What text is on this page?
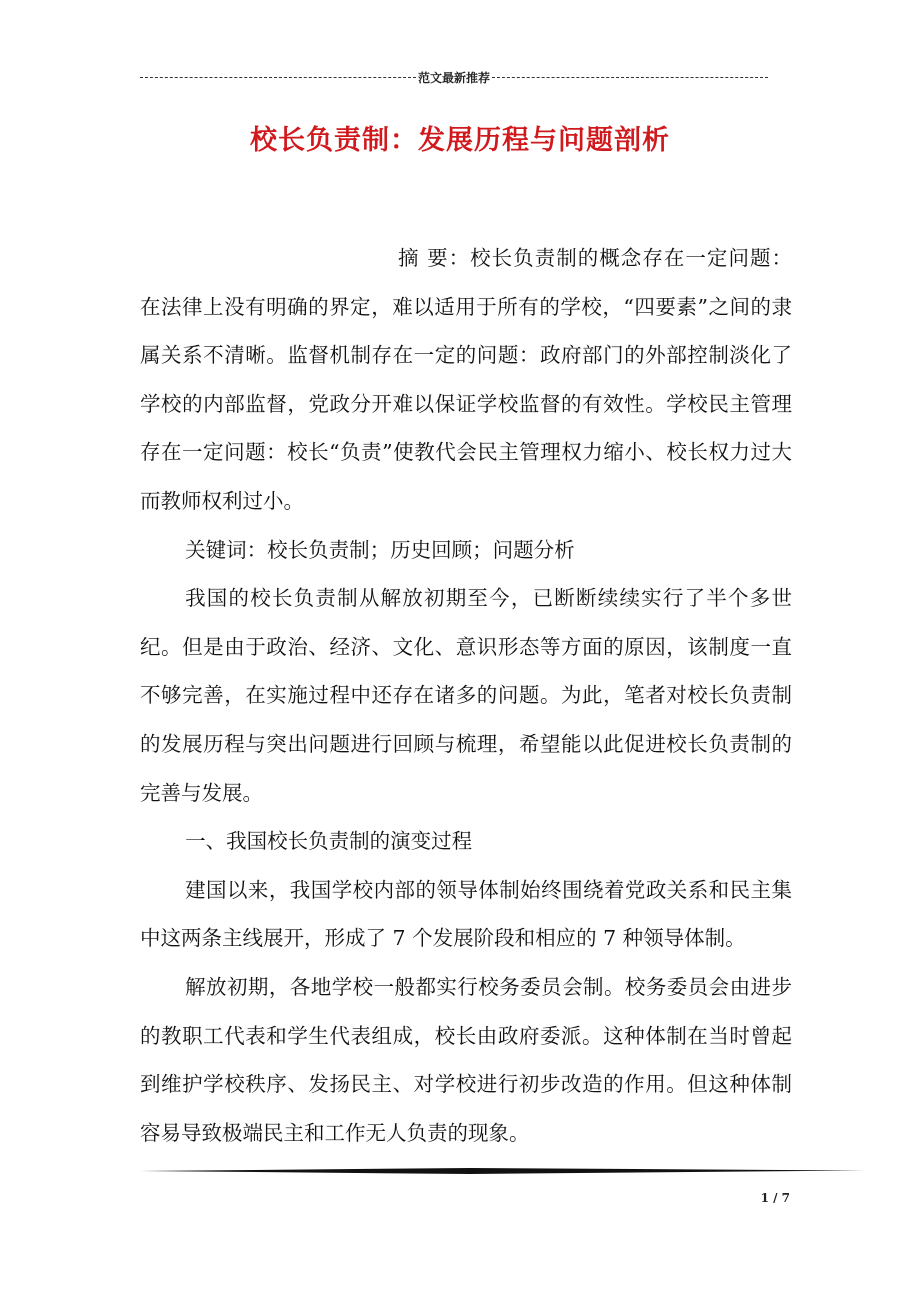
范文最新推荐
校长负责制：发展历程与问题剖析

摘 要：校长负责制的概念存在一定问题：在法律上没有明确的界定，难以适用于所有的学校，“四要素”之间的隶属关系不清晰。监督机制存在一定的问题：政府部门的外部控制淡化了学校的内部监督，党政分开难以保证学校监督的有效性。学校民主管理存在一定问题：校长“负责”使教代会民主管理权力缩小、校长权力过大而教师权利过小。

关键词：校长负责制；历史回顾；问题分析

我国的校长负责制从解放初期至今，已断断续续实行了半个多世纪。但是由于政治、经济、文化、意识形态等方面的原因，该制度一直不够完善，在实施过程中还存在诸多的问题。为此，笔者对校长负责制的发展历程与突出问题进行回顾与梳理，希望能以此促进校长负责制的完善与发展。

一、我国校长负责制的演变过程

建国以来，我国学校内部的领导体制始终围绕着党政关系和民主集中这两条主线展开，形成了 7 个发展阶段和相应的 7 种领导体制。

解放初期，各地学校一般都实行校务委员会制。校务委员会由进步的教职工代表和学生代表组成，校长由政府委派。这种体制在当时曾起到维护学校秩序、发扬民主、对学校进行初步改造的作用。但这种体制容易导致极端民主和工作无人负责的现象。

1 / 7
